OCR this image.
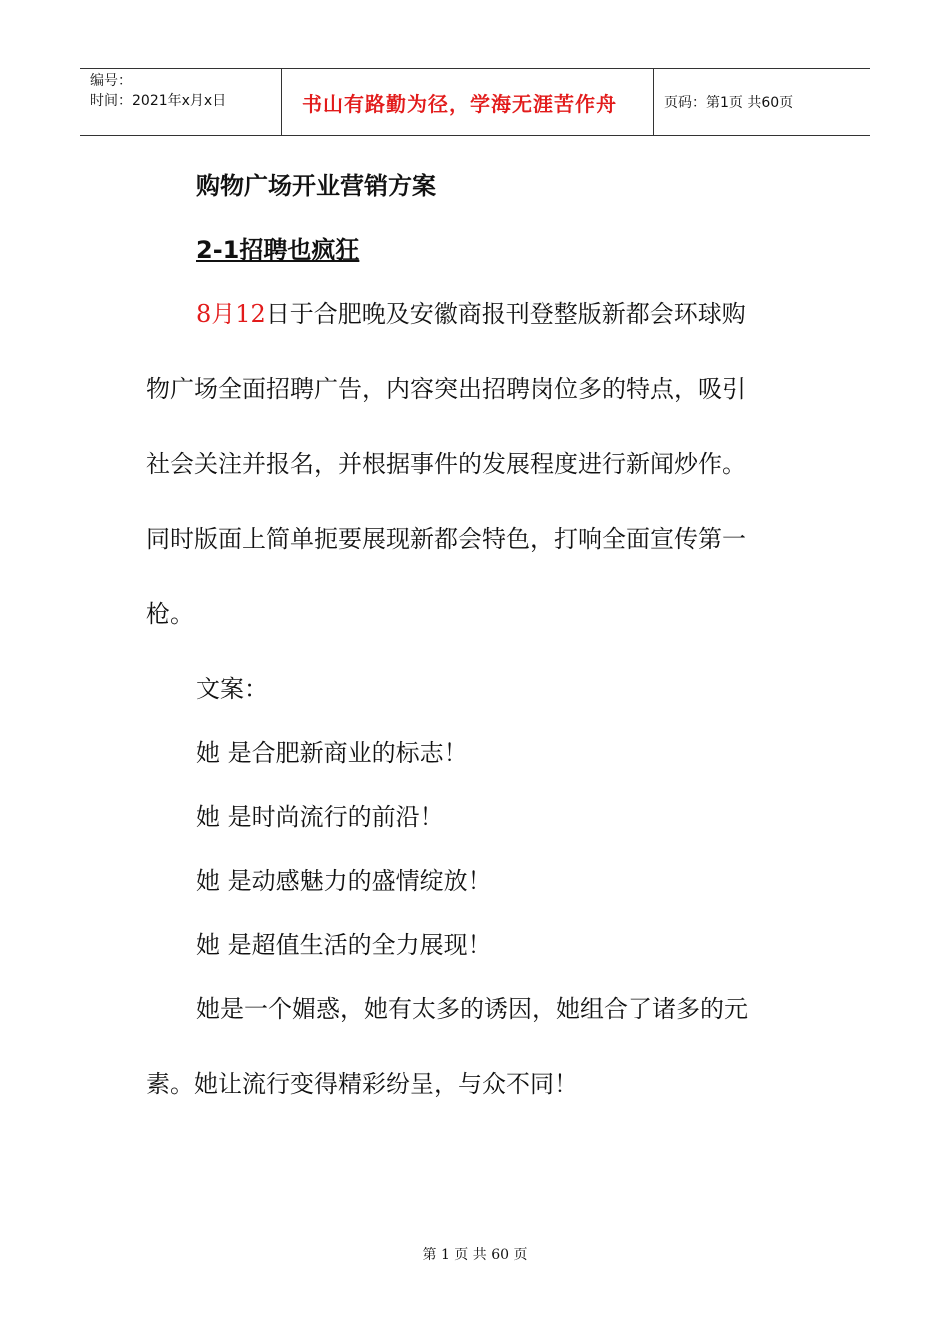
编号：
时间：2021年x月x日	书山有路勤为径，学海无涯苦作舟	页码：第1页 共60页
购物广场开业营销方案
2-1招聘也疯狂
8月12日于合肥晚及安徽商报刊登整版新都会环球购
物广场全面招聘广告，内容突出招聘岗位多的特点，吸引
社会关注并报名，并根据事件的发展程度进行新闻炒作。
同时版面上简单扼要展现新都会特色，打响全面宣传第一
枪。
文案：
她 是合肥新商业的标志！
她 是时尚流行的前沿！
她 是动感魅力的盛情绽放！
她 是超值生活的全力展现！
她是一个媚惑，她有太多的诱因，她组合了诸多的元
素。她让流行变得精彩纷呈，与众不同！
第 1 页 共 60 页
